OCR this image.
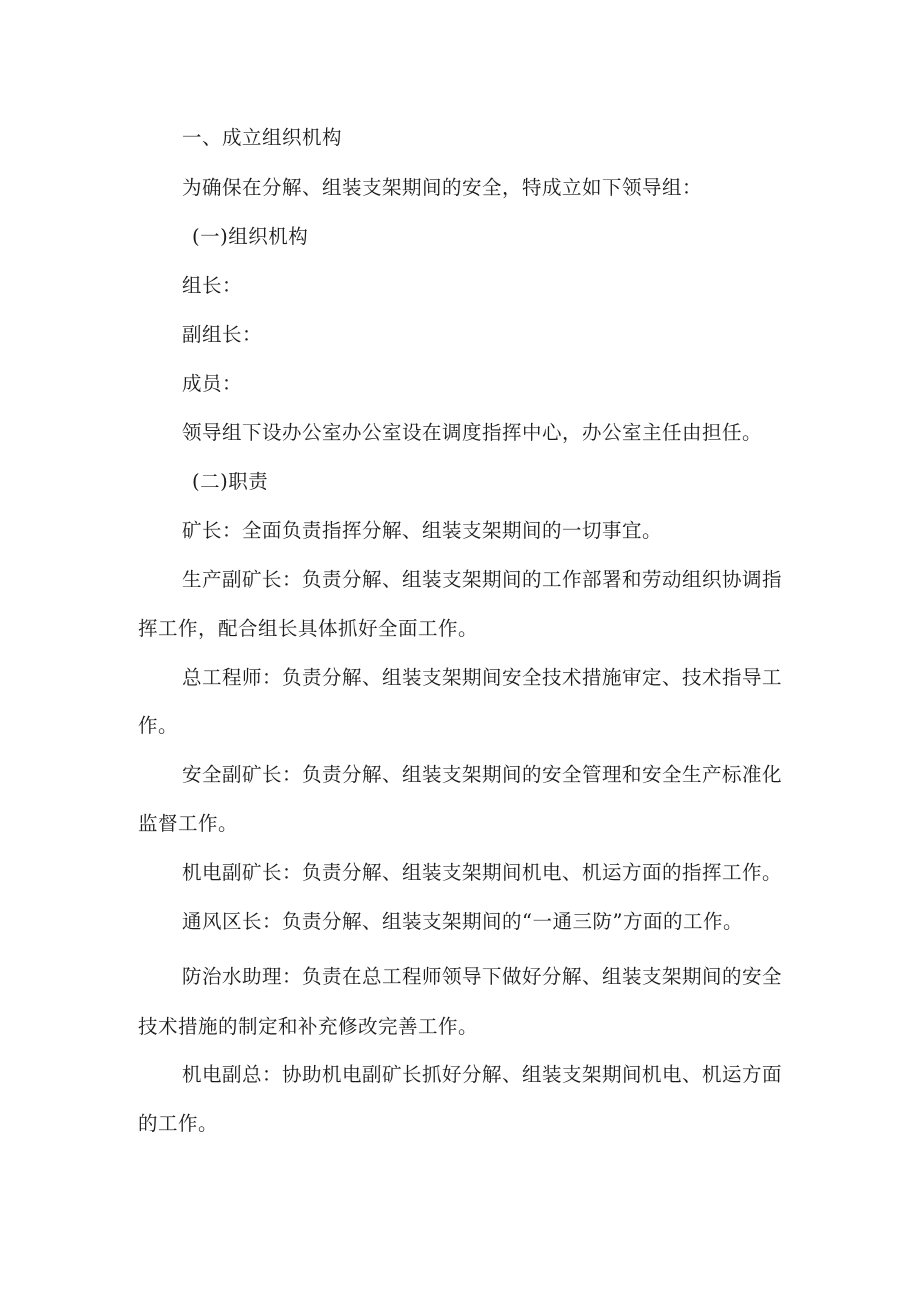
一、成立组织机构
为确保在分解、组装支架期间的安全，特成立如下领导组：
(一)组织机构
组长：
副组长：
成员：
领导组下设办公室办公室设在调度指挥中心，办公室主任由担任。
(二)职责
矿长：全面负责指挥分解、组装支架期间的一切事宜。
生产副矿长：负责分解、组装支架期间的工作部署和劳动组织协调指
挥工作，配合组长具体抓好全面工作。
总工程师：负责分解、组装支架期间安全技术措施审定、技术指导工
作。
安全副矿长：负责分解、组装支架期间的安全管理和安全生产标准化
监督工作。
机电副矿长：负责分解、组装支架期间机电、机运方面的指挥工作。
通风区长：负责分解、组装支架期间的“一通三防”方面的工作。
防治水助理：负责在总工程师领导下做好分解、组装支架期间的安全
技术措施的制定和补充修改完善工作。
机电副总：协助机电副矿长抓好分解、组装支架期间机电、机运方面
的工作。
